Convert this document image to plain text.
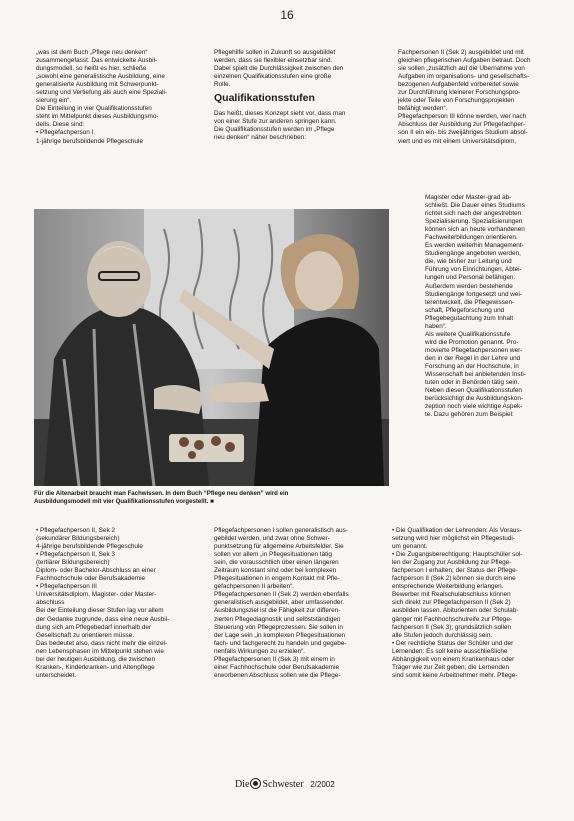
16

„was ist dem Buch „Pflege neu denken“

zusammengefasst. Das entwickelte Ausbil-

dungsmodell, so heißt es hier, schließe

„sowohl eine generalistische Ausbildung, eine

generalisierte Ausbildung mit Schwerpunkt-

setzung und Vertiefung als auch eine Speziali-

sierung ein“.

Die Einteilung in vier Qualifikationsstufen

steht im Mittelpunkt dieses Ausbildungsmo-

dells. Diese sind:

• Pflegefachperson I

1-jährige berufsbildende Pflegeschule

Pflegehilfe sollen in Zukunft so ausgebildet

werden, dass sie flexibler einsetzbar sind.

Dabei spielt die Durchlässigkeit zwischen den

einzelnen Qualifikationsstufen eine große

Rolle.

Qualifikationsstufen

Das heißt, dieses Konzept sieht vor, dass man

von einer Stufe zur anderen springen kann.

Die Qualifikationsstufen werden im „Pflege

neu denken“ näher beschrieben:

Fachpersonen II (Sek 2) ausgebildet und mit

gleichen pflegerischen Aufgaben betraut. Doch

sie sollen „zusätzlich auf die Übernahme von

Aufgaben im organisations- und gesellschafts-

bezogenen Aufgabenfeld vorbereitet sowie

zur Durchführung kleinerer Forschungspro-

jekte oder Teile von Forschungsprojekten

befähigt werden“.

Pflegefachperson III könne werden, wer nach

Abschluss der Ausbildung zur Pflegefachper-

son II ein ein- bis zweijähriges Studium absol-

viert und es mit einem Universitätsdiplom,

Magister oder Master-grad ab-

schließt. Die Dauer eines Studiums

richtet sich nach der angestrebten

Spezialisierung. Spezialisierungen

können sich an heute vorhandenen

Fachweiterbildungen orientieren.

Es werden weiterhin Management-

Studiengänge angeboten werden,

die, wie bisher zur Leitung und

Führung von Einrichtungen, Abtei-

lungen und Personal befähigen.

Außerdem werden bestehende

Studiengänge fortgesetzt und wei-

terentwickelt, die Pflegewissen-

schaft, Pflegeforschung und

Pflegebegutachtung zum Inhalt

haben“.

Als weitere Qualifikationsstufe

wird die Promotion genannt. Pro-

movierte Pflegefachpersonen wer-

den in der Regel in der Lehre und

Forschung an der Hochschule, in

Wissenschaft bei anbietenden Insti-

tuten oder in Behörden tätig sein.

Neben diesen Qualifikationsstufen

berücksichtigt die Ausbildungskon-

zeption noch viele wichtige Aspek-

te. Dazu gehören zum Beispiel:

Für die Altenarbeit braucht man Fachwissen. In dem Buch “Pflege neu denken” wird ein

Ausbildungsmodell mit vier Qualifikationsstufen vorgestellt. ■

• Pflegefachperson II, Sek 2

(sekundärer Bildungsbereich)

4-jährige berufsbildende Pflegeschule

• Pflegefachperson II, Sek 3

(tertiärer Bildungsbereich)

Diplom- oder Bachelor-Abschluss an einer

Fachhochschule oder Berufsakademie

• Pflegefachperson III

Universitätsdiplom, Magister- oder Master-

abschluss

Bei der Einteilung dieser Stufen lag vor allem

der Gedanke zugrunde, dass eine neue Ausbil-

dung sich am Pflegebedarf innerhalb der

Gesellschaft zu orientieren müsse.

Das bedeutet also, dass nicht mehr die einzel-

nen Lebensphasen im Mittelpunkt stehen wie

bei der heutigen Ausbildung, die zwischen

Kranken-, Kinderkranken- und Altenpflege

unterscheidet.

Pflegefachpersonen I sollen generalistisch aus-

gebildet werden, und zwar ohne Schwer-

punktsetzung für allgemeine Arbeitsfelder. Sie

sollen vor allem „in Pflegesituationen tätig

sein, die vorausschtlich über einen längeren

Zeitraum konstant sind oder bei komplexen

Pflegesituationen in engem Kontakt mit Pfle-

gefachpersonen II arbeiten“.

Pflegefachpersonen II (Sek 2) werden ebenfalls

generalistisch ausgebildet, aber umfassender.

Ausbildungsziel ist die Fähigkeit zur differen-

zierten Pflegediagnostik und selbstständigen

Steuerung von Pflegeprozessen. Sie sollen in

der Lage sein „in komplexen Pflegesituationen

fach- und fachgerecht zu handeln und gegebe-

nenfalls Wirkungen zu erzielen“.

Pflegefachpersonen II (Sek 3) mit einem in

einer Fachhochschule oder Berufsakademie

erworbenen Abschluss sollen wie die Pflege-

• Die Qualifikation der Lehrenden: Als Voraus-

setzung wird hier möglichst ein Pflegestudi-

um genannt.

• Die Zugangsberechtigung: Hauptschüler sol-

len der Zugang zur Ausbildung zur Pflege-

fachperson I erhalten; der Status der Pflege-

fachperson II (Sek 2) können sie durch eine

entsprechende Weiterbildung erlangen.

Bewerber mit Realschulabschluss können

sich direkt zur Pflegefachperson II (Sek 2)

ausbilden lassen. Abiturienten oder Schulab-

gänger mit Fachhochschulreife zur Pflege-

fachperson II (Sek 3); grundsätzlich sollen

alle Stufen jedoch durchlässig sein.

• Der rechtliche Status der Schüler und der

Lernenden: Es soll keine ausschließliche

Abhängigkeit von einem Krankenhaus oder

Träger wie zur Zeit geben; die Lernenden

sind somit keine Arbeitnehmer mehr. Pflege-

Die Schwester 2/2002
